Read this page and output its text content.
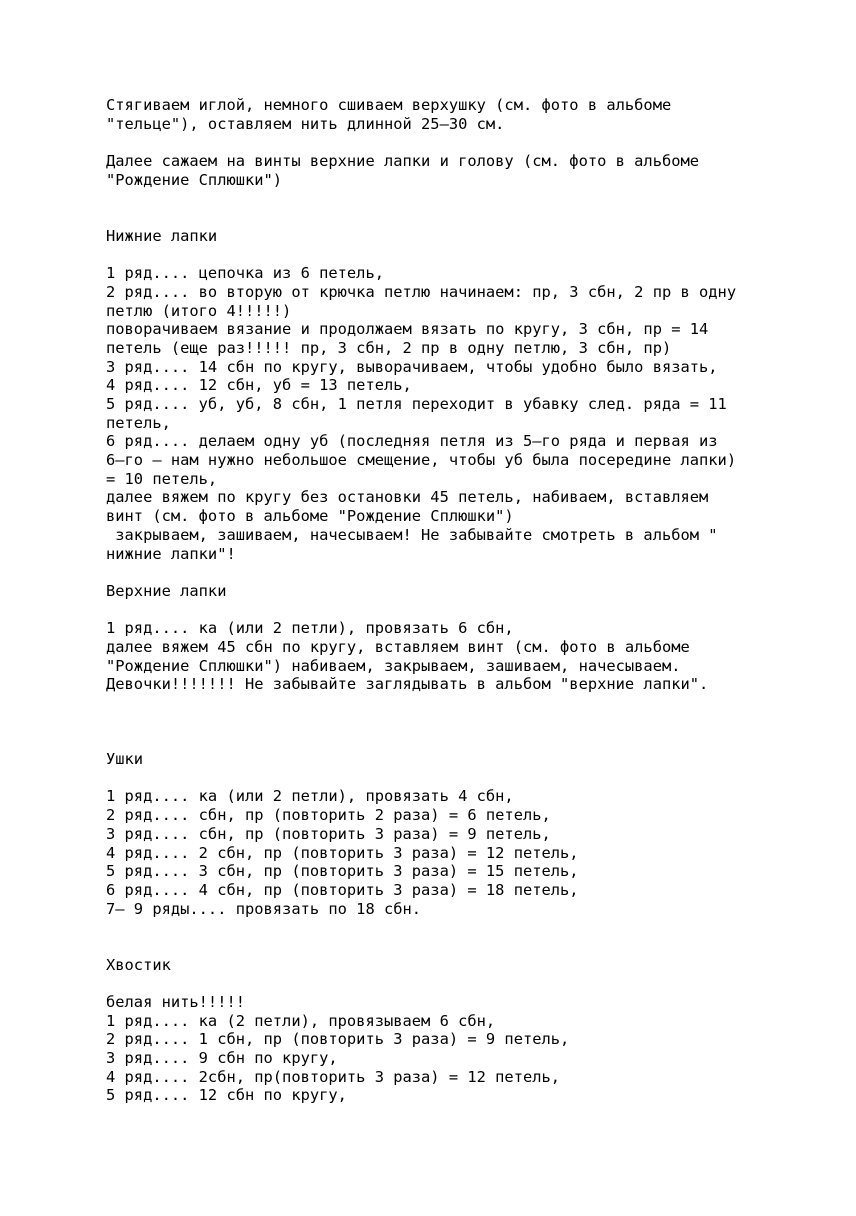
Стягиваем иглой, немного сшиваем верхушку (см. фото в альбоме
"тельце"), оставляем нить длинной 25–30 см.
Далее сажаем на винты верхние лапки и голову (см. фото в альбоме
"Рождение Сплюшки")
Нижние лапки
1 ряд.... цепочка из 6 петель,
2 ряд.... во вторую от крючка петлю начинаем: пр, 3 сбн, 2 пр в одну
петлю (итого 4!!!!!)
поворачиваем вязание и продолжаем вязать по кругу, 3 сбн, пр = 14
петель (еще раз!!!!! пр, 3 сбн, 2 пр в одну петлю, 3 сбн, пр)
3 ряд.... 14 сбн по кругу, выворачиваем, чтобы удобно было вязать,
4 ряд.... 12 сбн, уб = 13 петель,
5 ряд.... уб, уб, 8 сбн, 1 петля переходит в убавку след. ряда = 11
петель,
6 ряд.... делаем одну уб (последняя петля из 5–го ряда и первая из
6–го – нам нужно небольшое смещение, чтобы уб была посередине лапки)
= 10 петель,
далее вяжем по кругу без остановки 45 петель, набиваем, вставляем
винт (см. фото в альбоме "Рождение Сплюшки")
закрываем, зашиваем, начесываем! Не забывайте смотреть в альбом "
нижние лапки"!
Верхние лапки
1 ряд.... ка (или 2 петли), провязать 6 сбн,
далее вяжем 45 сбн по кругу, вставляем винт (см. фото в альбоме
"Рождение Сплюшки") набиваем, закрываем, зашиваем, начесываем.
Девочки!!!!!!! Не забывайте заглядывать в альбом "верхние лапки".
Ушки
1 ряд.... ка (или 2 петли), провязать 4 сбн,
2 ряд.... сбн, пр (повторить 2 раза) = 6 петель,
3 ряд.... сбн, пр (повторить 3 раза) = 9 петель,
4 ряд.... 2 сбн, пр (повторить 3 раза) = 12 петель,
5 ряд.... 3 сбн, пр (повторить 3 раза) = 15 петель,
6 ряд.... 4 сбн, пр (повторить 3 раза) = 18 петель,
7– 9 ряды.... провязать по 18 сбн.
Хвостик
белая нить!!!!!
1 ряд.... ка (2 петли), провязываем 6 сбн,
2 ряд.... 1 сбн, пр (повторить 3 раза) = 9 петель,
3 ряд.... 9 сбн по кругу,
4 ряд.... 2сбн, пр(повторить 3 раза) = 12 петель,
5 ряд.... 12 сбн по кругу,
